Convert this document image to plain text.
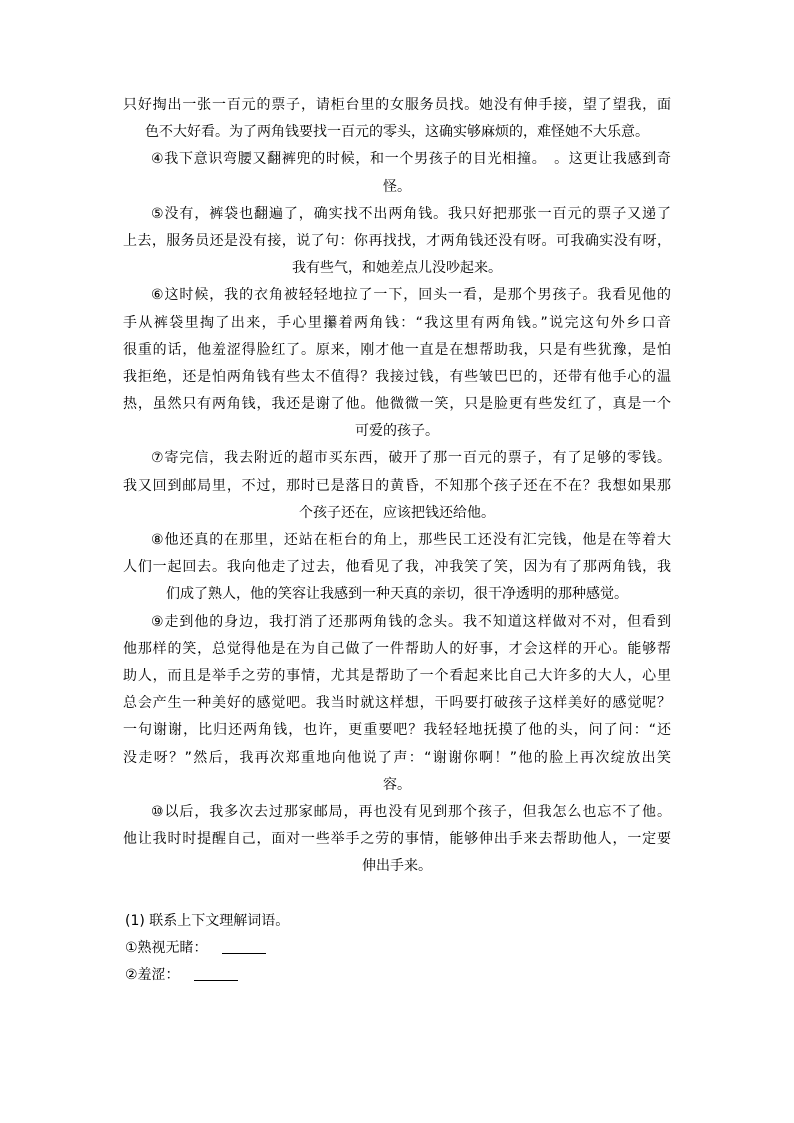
只好掏出一张一百元的票子，请柜台里的女服务员找。她没有伸手接，望了望我，面
色不大好看。为了两角钱要找一百元的零头，这确实够麻烦的，难怪她不大乐意。
④我下意识弯腰又翻裤兜的时候，和一个男孩子的目光相撞。　。这更让我感到奇
怪。
⑤没有，裤袋也翻遍了，确实找不出两角钱。我只好把那张一百元的票子又递了
上去，服务员还是没有接，说了句：你再找找，才两角钱还没有呀。可我确实没有呀，
我有些气，和她差点儿没吵起来。
⑥这时候，我的衣角被轻轻地拉了一下，回头一看，是那个男孩子。我看见他的
手从裤袋里掏了出来，手心里攥着两角钱：“我这里有两角钱。”说完这句外乡口音
很重的话，他羞涩得脸红了。原来，刚才他一直是在想帮助我，只是有些犹豫，是怕
我拒绝，还是怕两角钱有些太不值得？我接过钱，有些皱巴巴的，还带有他手心的温
热，虽然只有两角钱，我还是谢了他。他微微一笑，只是脸更有些发红了，真是一个
可爱的孩子。
⑦寄完信，我去附近的超市买东西，破开了那一百元的票子，有了足够的零钱。
我又回到邮局里，不过，那时已是落日的黄昏，不知那个孩子还在不在？我想如果那
个孩子还在，应该把钱还给他。
⑧他还真的在那里，还站在柜台的角上，那些民工还没有汇完钱，他是在等着大
人们一起回去。我向他走了过去，他看见了我，冲我笑了笑，因为有了那两角钱，我
们成了熟人，他的笑容让我感到一种天真的亲切，很干净透明的那种感觉。
⑨走到他的身边，我打消了还那两角钱的念头。我不知道这样做对不对，但看到
他那样的笑，总觉得他是在为自己做了一件帮助人的好事，才会这样的开心。能够帮
助人，而且是举手之劳的事情，尤其是帮助了一个看起来比自己大许多的大人，心里
总会产生一种美好的感觉吧。我当时就这样想，干吗要打破孩子这样美好的感觉呢？
一句谢谢，比归还两角钱，也许，更重要吧？我轻轻地抚摸了他的头，问了问：“还
没走呀？”然后，我再次郑重地向他说了声：“谢谢你啊！”他的脸上再次绽放出笑
容。
⑩以后，我多次去过那家邮局，再也没有见到那个孩子，但我怎么也忘不了他。
他让我时时提醒自己，面对一些举手之劳的事情，能够伸出手来去帮助他人，一定要
伸出手来。
(1) 联系上下文理解词语。
①熟视无睹：
②羞涩：
